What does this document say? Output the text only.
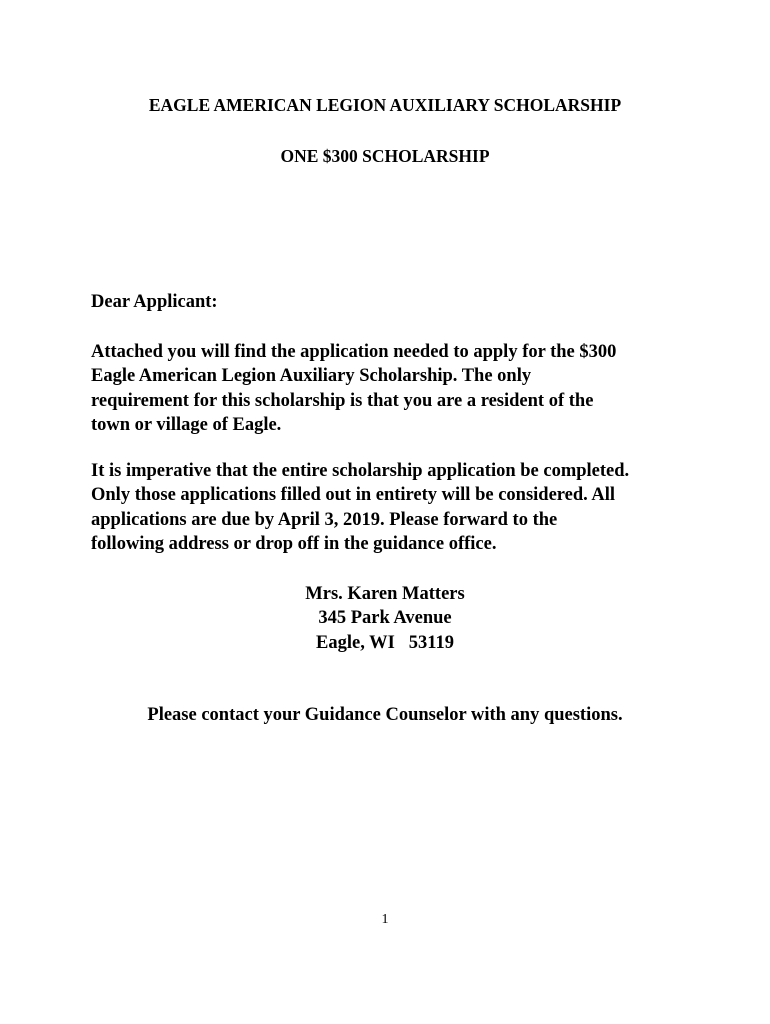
EAGLE AMERICAN LEGION AUXILIARY SCHOLARSHIP
ONE $300 SCHOLARSHIP
Dear Applicant:
Attached you will find the application needed to apply for the $300
Eagle American Legion Auxiliary Scholarship. The only
requirement for this scholarship is that you are a resident of the
town or village of Eagle.
It is imperative that the entire scholarship application be completed.
Only those applications filled out in entirety will be considered. All
applications are due by April 3, 2019. Please forward to the
following address or drop off in the guidance office.
Mrs. Karen Matters
345 Park Avenue
Eagle, WI   53119
Please contact your Guidance Counselor with any questions.
1
